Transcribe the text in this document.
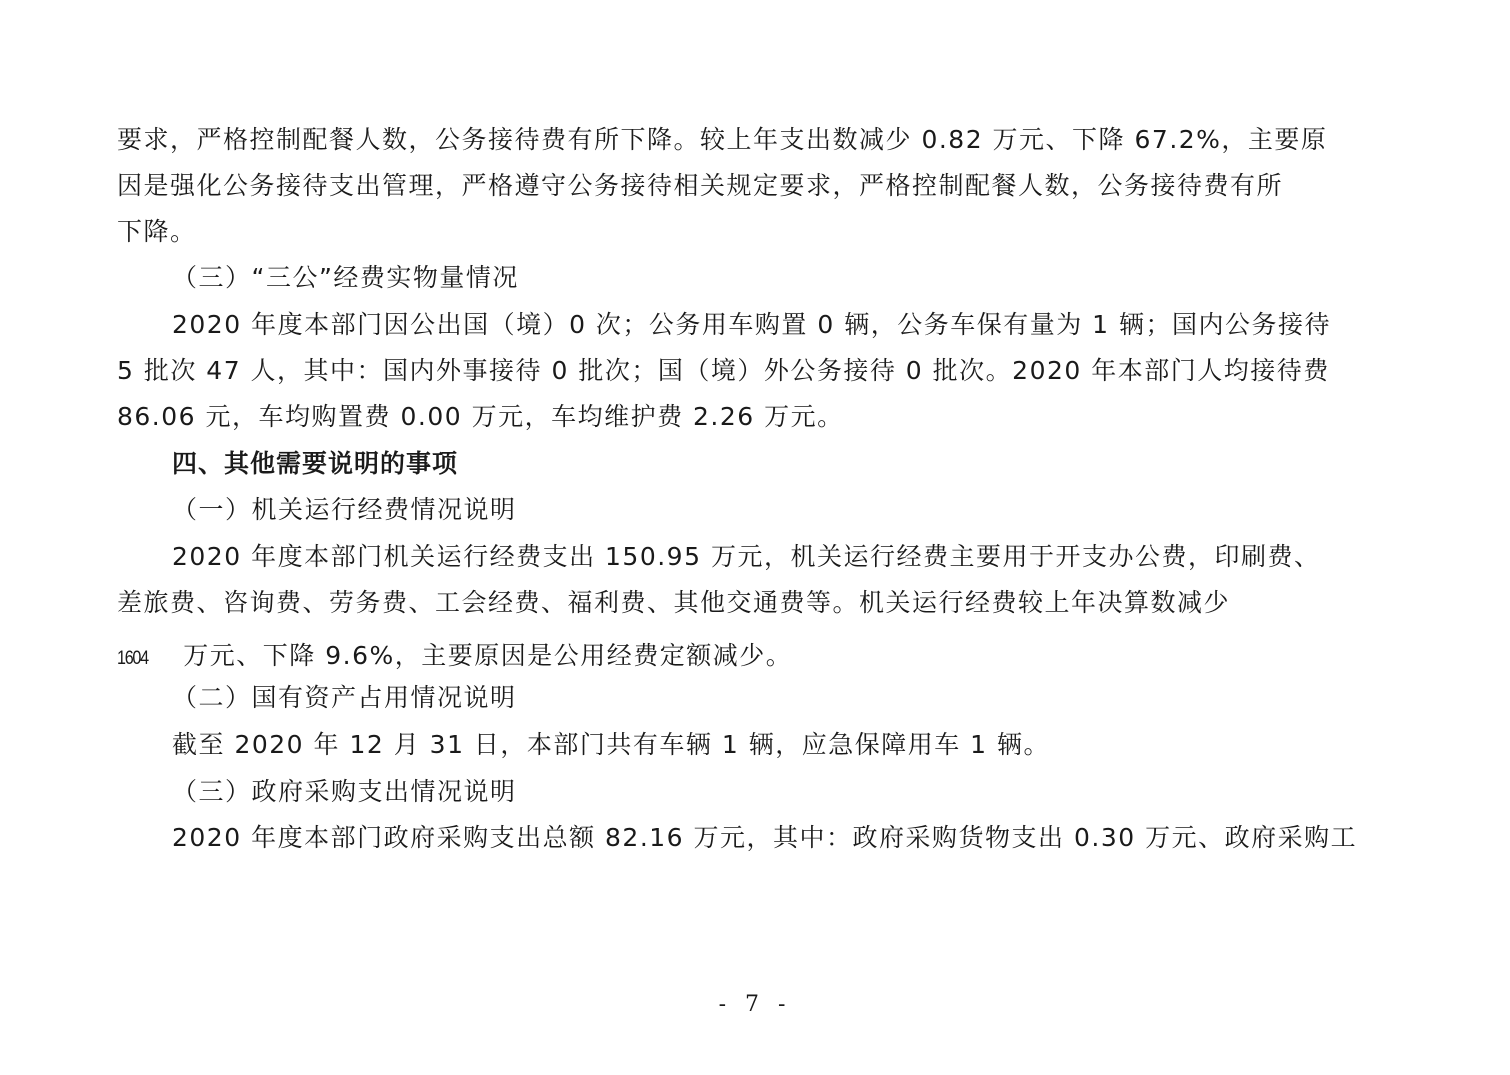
要求，严格控制配餐人数，公务接待费有所下降。较上年支出数减少 0.82 万元、下降 67.2%，主要原
因是强化公务接待支出管理，严格遵守公务接待相关规定要求，严格控制配餐人数，公务接待费有所
下降。
（三）“三公”经费实物量情况
2020 年度本部门因公出国（境）0 次；公务用车购置 0 辆，公务车保有量为 1 辆；国内公务接待
5 批次 47 人，其中：国内外事接待 0 批次；国（境）外公务接待 0 批次。2020 年本部门人均接待费
86.06 元，车均购置费 0.00 万元，车均维护费 2.26 万元。
四、其他需要说明的事项
（一）机关运行经费情况说明
2020 年度本部门机关运行经费支出 150.95 万元，机关运行经费主要用于开支办公费，印刷费、
差旅费、咨询费、劳务费、工会经费、福利费、其他交通费等。机关运行经费较上年决算数减少
1604 万元、下降 9.6%，主要原因是公用经费定额减少。
（二）国有资产占用情况说明
截至 2020 年 12 月 31 日，本部门共有车辆 1 辆，应急保障用车 1 辆。
（三）政府采购支出情况说明
2020 年度本部门政府采购支出总额 82.16 万元，其中：政府采购货物支出 0.30 万元、政府采购工
- 7 -
